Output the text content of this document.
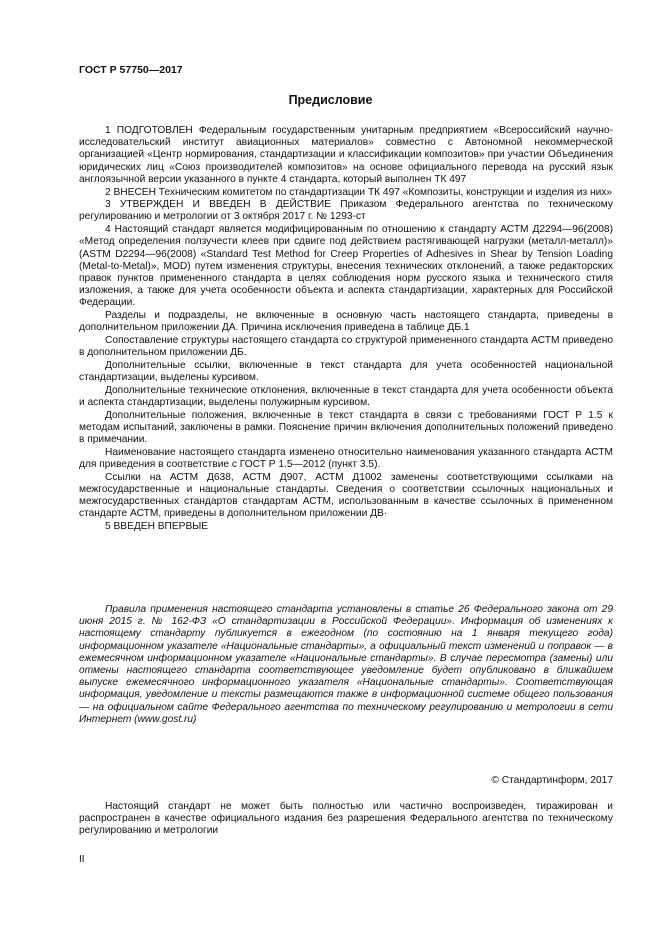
ГОСТ Р 57750—2017
Предисловие

1 ПОДГОТОВЛЕН Федеральным государственным унитарным предприятием «Всероссийский научно-исследовательский институт авиационных материалов» совместно с Автономной некоммерческой организацией «Центр нормирования, стандартизации и классификации композитов» при участии Объединения юридических лиц «Союз производителей композитов» на основе официального перевода на русский язык англоязычной версии указанного в пункте 4 стандарта, который выполнен ТК 497

2 ВНЕСЕН Техническим комитетом по стандартизации ТК 497 «Композиты, конструкции и изделия из них»

3 УТВЕРЖДЕН И ВВЕДЕН В ДЕЙСТВИЕ Приказом Федерального агентства по техническому регулированию и метрологии от 3 октября 2017 г. № 1293-ст

4 Настоящий стандарт является модифицированным по отношению к стандарту АСТМ Д2294—96(2008) «Метод определения ползучести клеев при сдвиге под действием растягивающей нагрузки (металл-металл)» (ASTM D2294—96(2008) «Standard Test Method for Creep Properties of Adhesives in Shear by Tension Loading (Metal-to-Metal)», MOD) путем изменения структуры, внесения технических отклонений, а также редакторских правок пунктов примененного стандарта в целях соблюдения норм русского языка и технического стиля изложения, а также для учета особенности объекта и аспекта стандартизации, характерных для Российской Федерации.

Разделы и подразделы, не включенные в основную часть настоящего стандарта, приведены в дополнительном приложении ДА. Причина исключения приведена в таблице ДБ.1

Сопоставление структуры настоящего стандарта со структурой примененного стандарта АСТМ приведено в дополнительном приложении ДБ.

Дополнительные ссылки, включенные в текст стандарта для учета особенностей национальной стандартизации, выделены курсивом.

Дополнительные технические отклонения, включенные в текст стандарта для учета особенности объекта и аспекта стандартизации, выделены полужирным курсивом.

Дополнительные положения, включенные в текст стандарта в связи с требованиями ГОСТ Р 1.5 к методам испытаний, заключены в рамки. Пояснение причин включения дополнительных положений приведено в примечании.

Наименование настоящего стандарта изменено относительно наименования указанного стандарта АСТМ для приведения в соответствие с ГОСТ Р 1.5—2012 (пункт 3.5).

Ссылки на АСТМ Д638, АСТМ Д907, АСТМ Д1002 заменены соответствующими ссылками на межгосударственные и национальные стандарты. Сведения о соответствии ссылочных национальных и межгосударственных стандартов стандартам АСТМ, использованным в качестве ссылочных в примененном стандарте АСТМ, приведены в дополнительном приложении ДВ·

5 ВВЕДЕН ВПЕРВЫЕ

Правила применения настоящего стандарта установлены в статье 26 Федерального закона от 29 июня 2015 г. № 162-ФЗ «О стандартизации в Российской Федерации». Информация об изменениях к настоящему стандарту публикуется в ежегодном (по состоянию на 1 января текущего года) информационном указателе «Национальные стандарты», а официальный текст изменений и поправок — в ежемесячном информационном указателе «Национальные стандарты». В случае пересмотра (замены) или отмены настоящего стандарта соответствующее уведомление будет опубликовано в ближайшем выпуске ежемесячного информационного указателя «Национальные стандарты». Соответствующая информация, уведомление и тексты размещаются также в информационной системе общего пользования — на официальном сайте Федерального агентства по техническому регулированию и метрологии в сети Интернет (www.gost.ru)

© Стандартинформ, 2017

Настоящий стандарт не может быть полностью или частично воспроизведен, тиражирован и распространен в качестве официального издания без разрешения Федерального агентства по техническому регулированию и метрологии

II
